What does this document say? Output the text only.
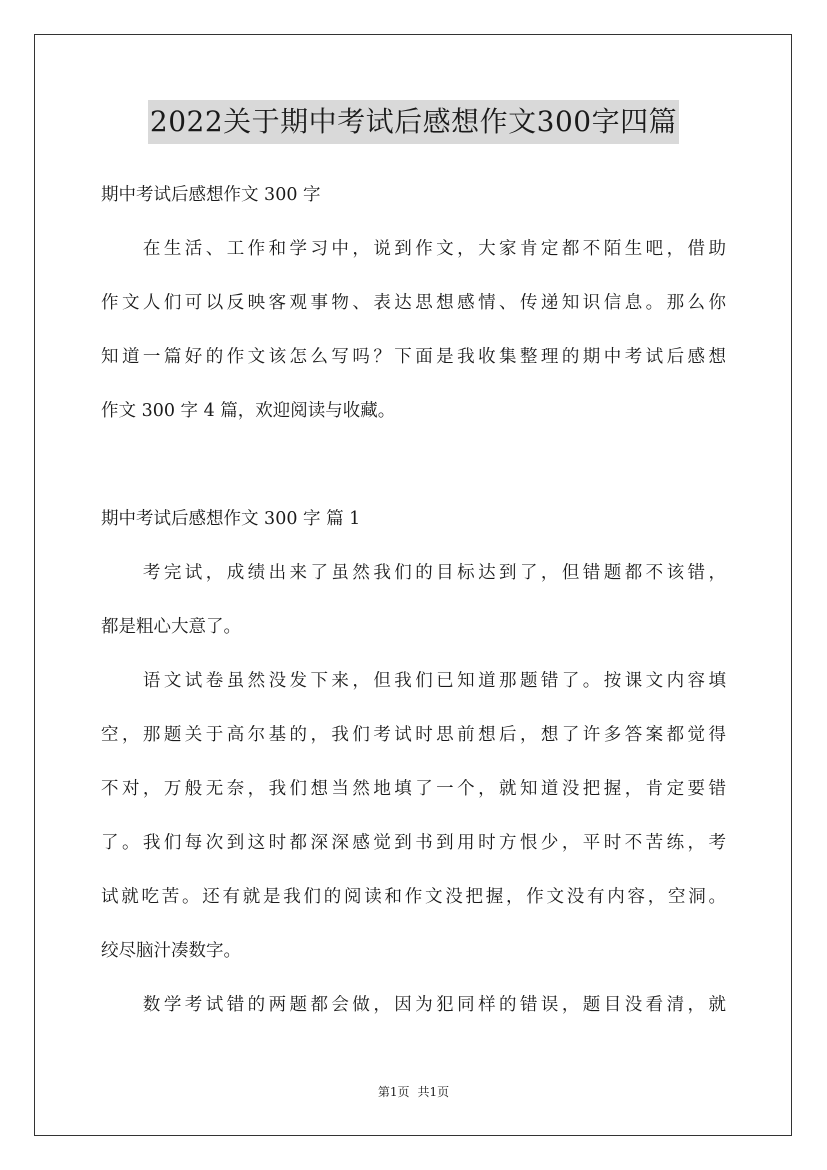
2022关于期中考试后感想作文300字四篇
期中考试后感想作文 300 字
　　在生活、工作和学习中，说到作文，大家肯定都不陌生吧，借助
作文人们可以反映客观事物、表达思想感情、传递知识信息。那么你
知道一篇好的作文该怎么写吗？下面是我收集整理的期中考试后感想
作文 300 字 4 篇，欢迎阅读与收藏。
期中考试后感想作文 300 字 篇 1
　　考完试，成绩出来了虽然我们的目标达到了，但错题都不该错，
都是粗心大意了。
　　语文试卷虽然没发下来，但我们已知道那题错了。按课文内容填
空，那题关于高尔基的，我们考试时思前想后，想了许多答案都觉得
不对，万般无奈，我们想当然地填了一个，就知道没把握，肯定要错
了。我们每次到这时都深深感觉到书到用时方恨少，平时不苦练，考
试就吃苦。还有就是我们的阅读和作文没把握，作文没有内容，空洞。
绞尽脑汁凑数字。
　　数学考试错的两题都会做，因为犯同样的错误，题目没看清，就
第1页 共1页
